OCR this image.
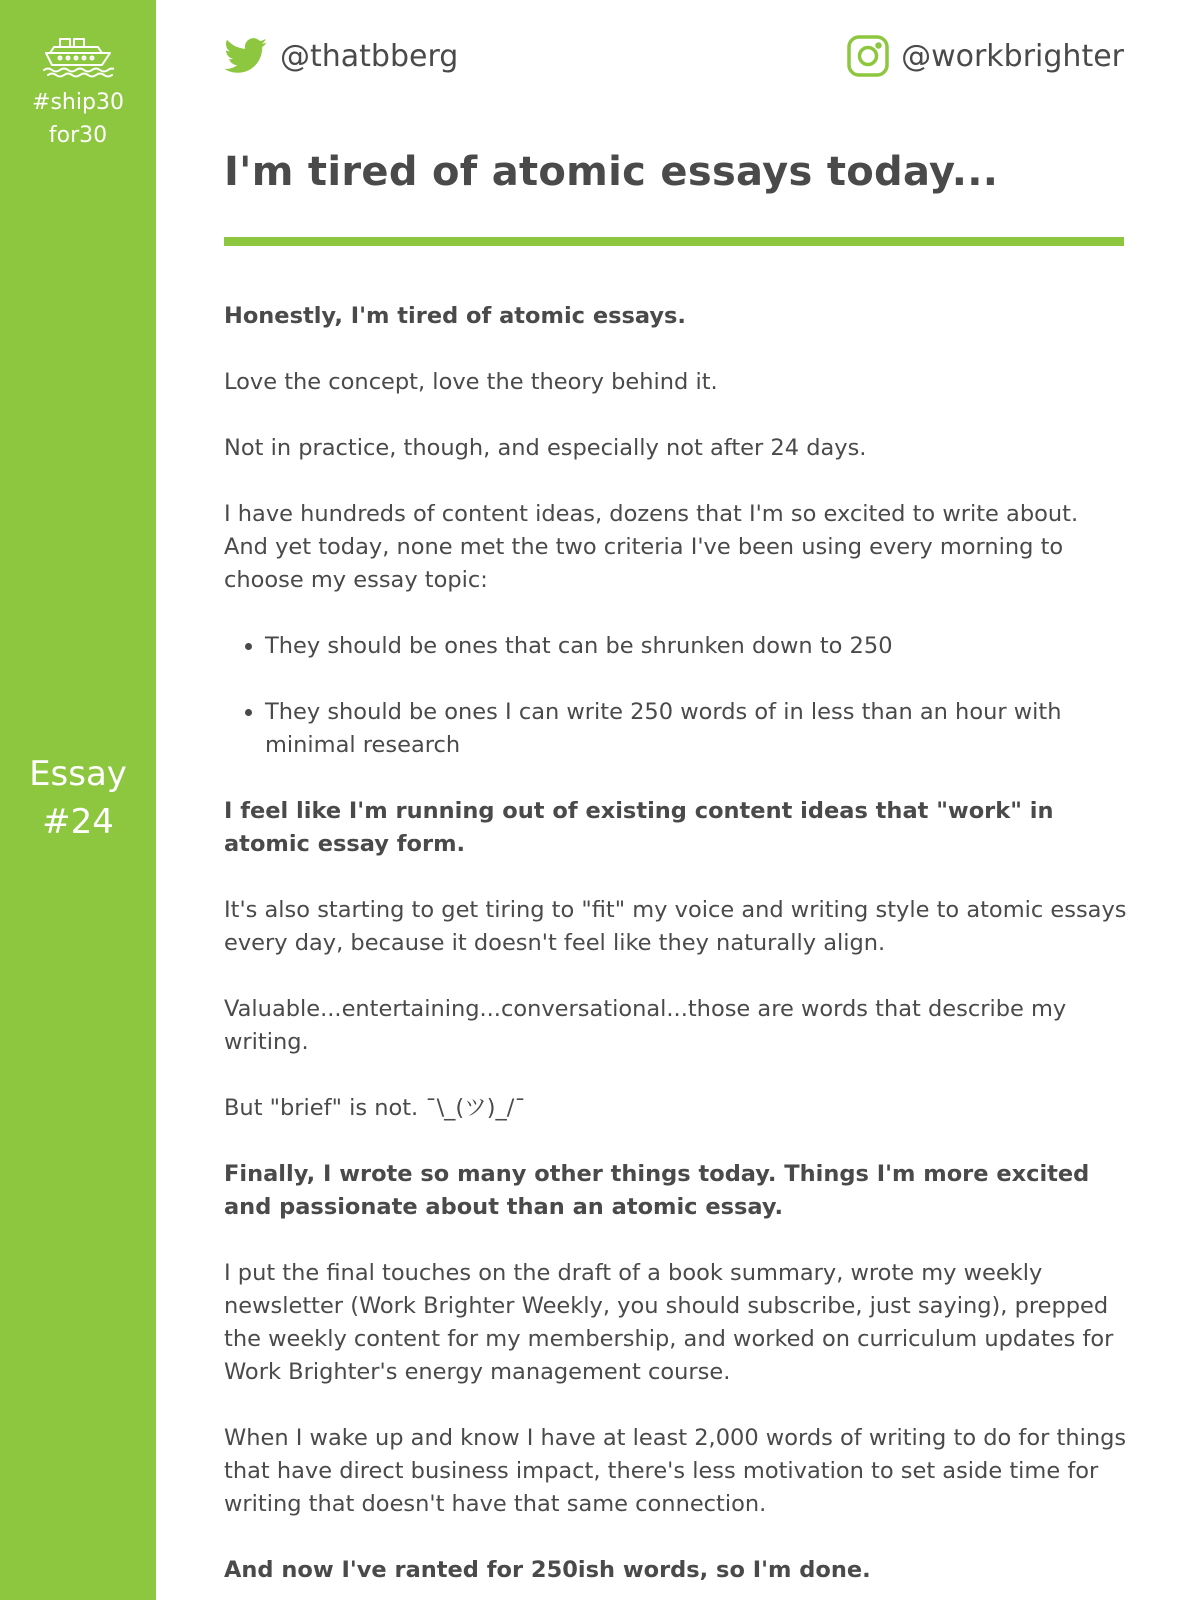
#ship30
for30
Essay
#24
@thatbberg	@workbrighter
I'm tired of atomic essays today...

Honestly, I'm tired of atomic essays.

Love the concept, love the theory behind it.

Not in practice, though, and especially not after 24 days.

I have hundreds of content ideas, dozens that I'm so excited to write about. And yet today, none met the two criteria I've been using every morning to choose my essay topic:

• They should be ones that can be shrunken down to 250
• They should be ones I can write 250 words of in less than an hour with minimal research

I feel like I'm running out of existing content ideas that "work" in atomic essay form.

It's also starting to get tiring to "fit" my voice and writing style to atomic essays every day, because it doesn't feel like they naturally align.

Valuable...entertaining...conversational...those are words that describe my writing.

But "brief" is not. ¯\_(ツ)_/¯

Finally, I wrote so many other things today. Things I'm more excited and passionate about than an atomic essay.

I put the final touches on the draft of a book summary, wrote my weekly newsletter (Work Brighter Weekly, you should subscribe, just saying), prepped the weekly content for my membership, and worked on curriculum updates for Work Brighter's energy management course.

When I wake up and know I have at least 2,000 words of writing to do for things that have direct business impact, there's less motivation to set aside time for writing that doesn't have that same connection.

And now I've ranted for 250ish words, so I'm done.
